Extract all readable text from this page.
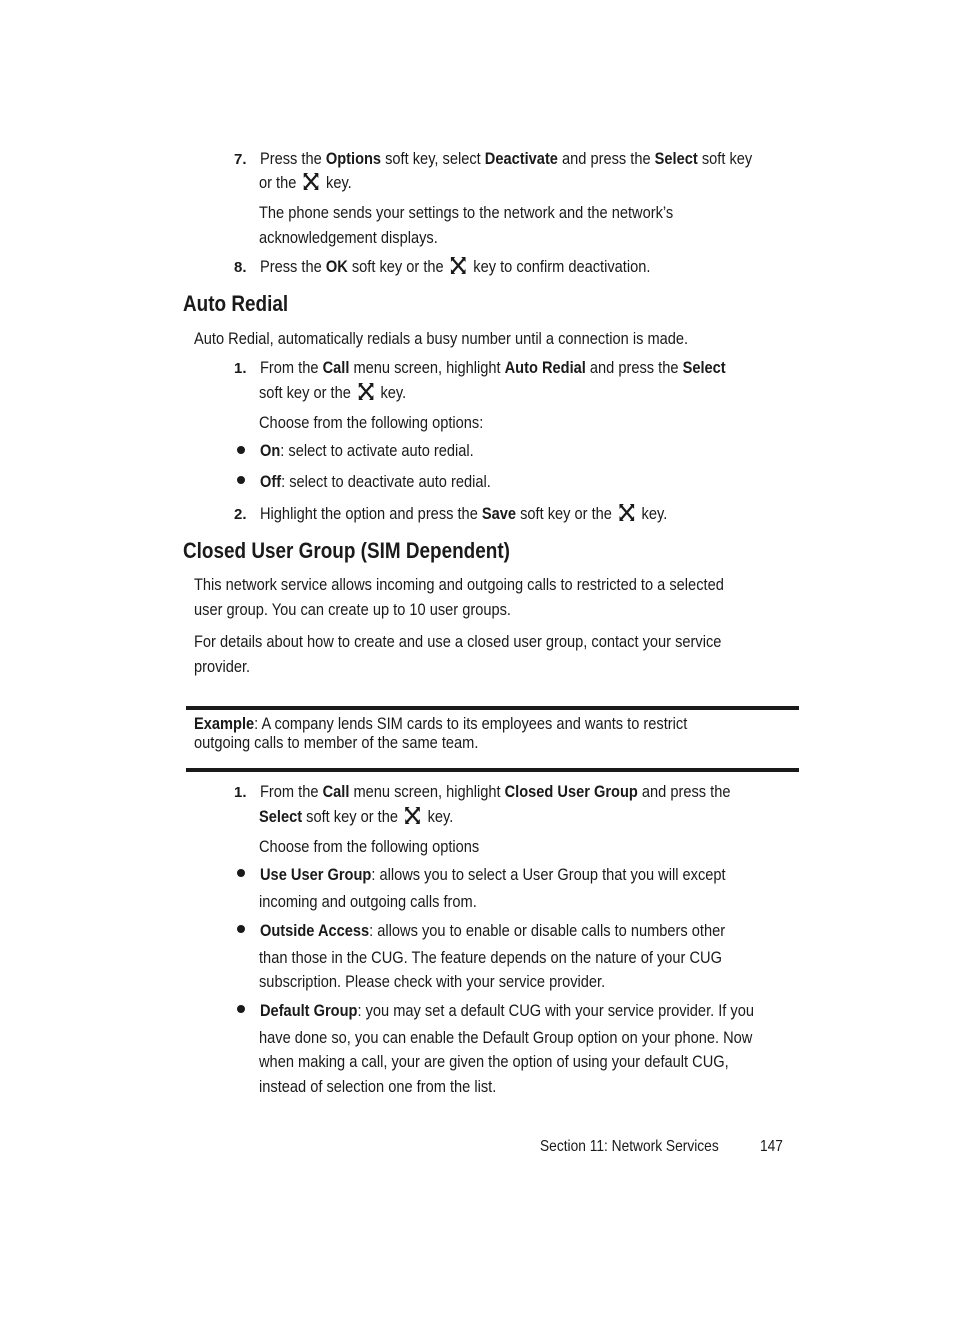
7. Press the Options soft key, select Deactivate and press the Select soft key
or the  key.
The phone sends your settings to the network and the network’s
acknowledgement displays.
8. Press the OK soft key or the  key to confirm deactivation.
Auto Redial
Auto Redial, automatically redials a busy number until a connection is made.
1. From the Call menu screen, highlight Auto Redial and press the Select
soft key or the  key.
Choose from the following options:
On: select to activate auto redial.
Off: select to deactivate auto redial.
2. Highlight the option and press the Save soft key or the  key.
Closed User Group (SIM Dependent)
This network service allows incoming and outgoing calls to restricted to a selected
user group. You can create up to 10 user groups.
For details about how to create and use a closed user group, contact your service
provider.
Example: A company lends SIM cards to its employees and wants to restrict
outgoing calls to member of the same team.
1. From the Call menu screen, highlight Closed User Group and press the
Select soft key or the  key.
Choose from the following options
Use User Group: allows you to select a User Group that you will except
incoming and outgoing calls from.
Outside Access: allows you to enable or disable calls to numbers other
than those in the CUG. The feature depends on the nature of your CUG
subscription. Please check with your service provider.
Default Group: you may set a default CUG with your service provider. If you
have done so, you can enable the Default Group option on your phone. Now
when making a call, your are given the option of using your default CUG,
instead of selection one from the list.
Section 11: Network Services	147
